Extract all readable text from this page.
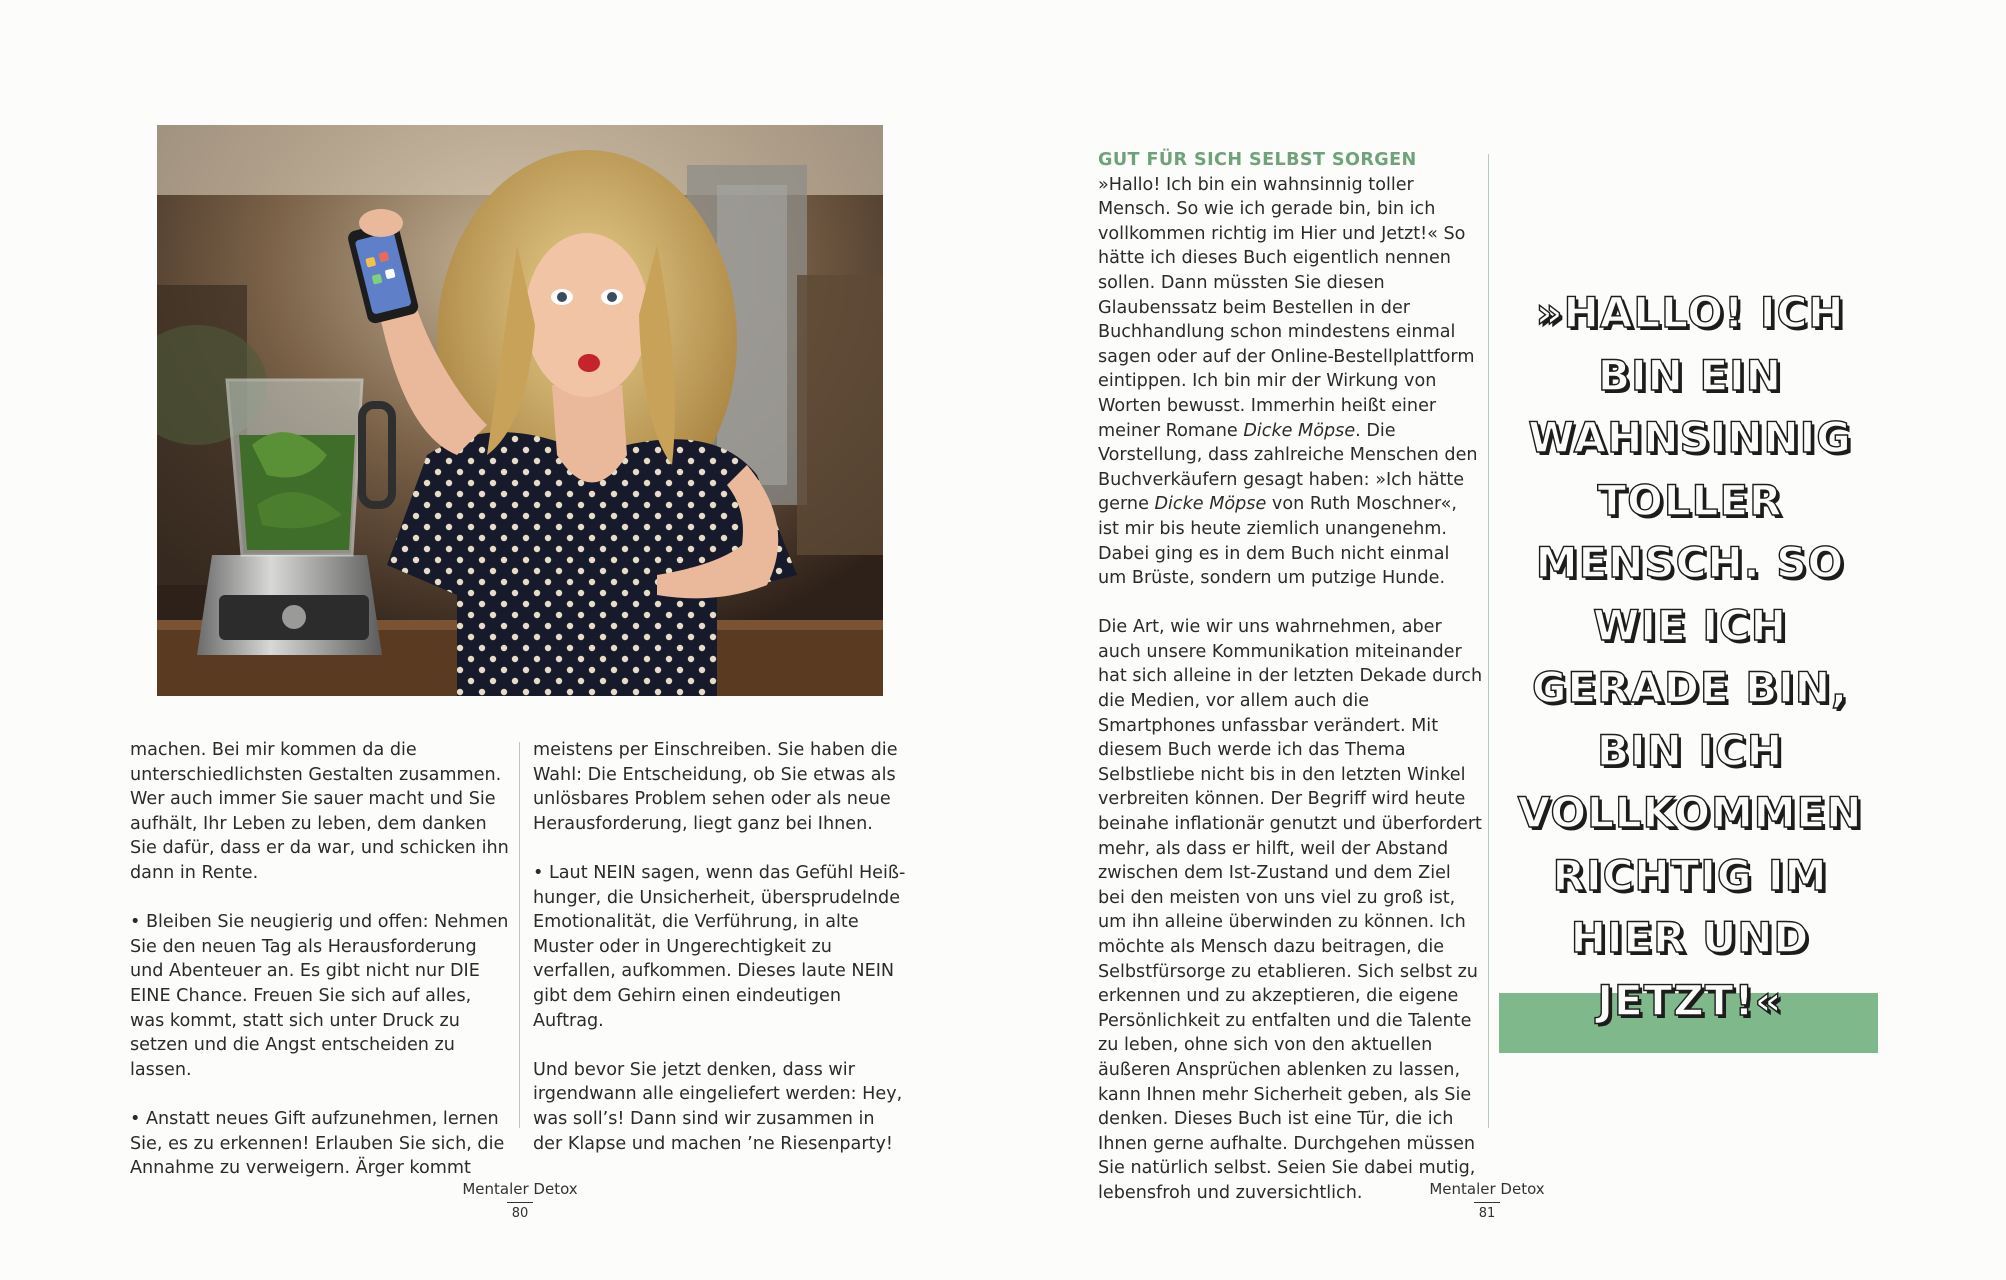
machen. Bei mir kommen da die unterschiedlichsten Gestalten zusammen. Wer auch immer Sie sauer macht und Sie aufhält, Ihr Leben zu leben, dem danken Sie dafür, dass er da war, und schicken ihn dann in Rente.

• Bleiben Sie neugierig und offen: Nehmen Sie den neuen Tag als Herausforderung und Abenteuer an. Es gibt nicht nur DIE EINE Chance. Freuen Sie sich auf alles, was kommt, statt sich unter Druck zu setzen und die Angst entscheiden zu lassen.

• Anstatt neues Gift aufzunehmen, lernen Sie, es zu erkennen! Erlauben Sie sich, die Annahme zu verweigern. Ärger kommt

meistens per Einschreiben. Sie haben die Wahl: Die Entscheidung, ob Sie etwas als unlösbares Problem sehen oder als neue Herausforderung, liegt ganz bei Ihnen.

• Laut NEIN sagen, wenn das Gefühl Heißhunger, die Unsicherheit, übersprudelnde Emotionalität, die Verführung, in alte Muster oder in Ungerechtigkeit zu verfallen, aufkommen. Dieses laute NEIN gibt dem Gehirn einen eindeutigen Auftrag.

Und bevor Sie jetzt denken, dass wir irgendwann alle eingeliefert werden: Hey, was soll’s! Dann sind wir zusammen in der Klapse und machen ’ne Riesenparty!

Mentaler Detox
80
GUT FÜR SICH SELBST SORGEN

»Hallo! Ich bin ein wahnsinnig toller Mensch. So wie ich gerade bin, bin ich vollkommen richtig im Hier und Jetzt!« So hätte ich dieses Buch eigentlich nennen sollen. Dann müssten Sie diesen Glaubenssatz beim Bestellen in der Buchhandlung schon mindestens einmal sagen oder auf der Online-Bestellplattform eintippen. Ich bin mir der Wirkung von Worten bewusst. Immerhin heißt einer meiner Romane Dicke Möpse. Die Vorstellung, dass zahlreiche Menschen den Buchverkäufern gesagt haben: »Ich hätte gerne Dicke Möpse von Ruth Moschner«, ist mir bis heute ziemlich unangenehm. Dabei ging es in dem Buch nicht einmal um Brüste, sondern um putzige Hunde.

Die Art, wie wir uns wahrnehmen, aber auch unsere Kommunikation miteinander hat sich alleine in der letzten Dekade durch die Medien, vor allem auch die Smartphones unfassbar verändert. Mit diesem Buch werde ich das Thema Selbstliebe nicht bis in den letzten Winkel verbreiten können. Der Begriff wird heute beinahe inflationär genutzt und überfordert mehr, als dass er hilft, weil der Abstand zwischen dem Ist-Zustand und dem Ziel bei den meisten von uns viel zu groß ist, um ihn alleine überwinden zu können. Ich möchte als Mensch dazu beitragen, die Selbstfürsorge zu etablieren. Sich selbst zu erkennen und zu akzeptieren, die eigene Persönlichkeit zu entfalten und die Talente zu leben, ohne sich von den aktuellen äußeren Ansprüchen ablenken zu lassen, kann Ihnen mehr Sicherheit geben, als Sie denken. Dieses Buch ist eine Tür, die ich Ihnen gerne aufhalte. Durchgehen müssen Sie natürlich selbst. Seien Sie dabei mutig, lebensfroh und zuversichtlich.

»HALLO! ICH BIN EIN WAHNSINNIG TOLLER MENSCH. SO WIE ICH GERADE BIN, BIN ICH VOLLKOMMEN RICHTIG IM HIER UND JETZT!«

Mentaler Detox
81
